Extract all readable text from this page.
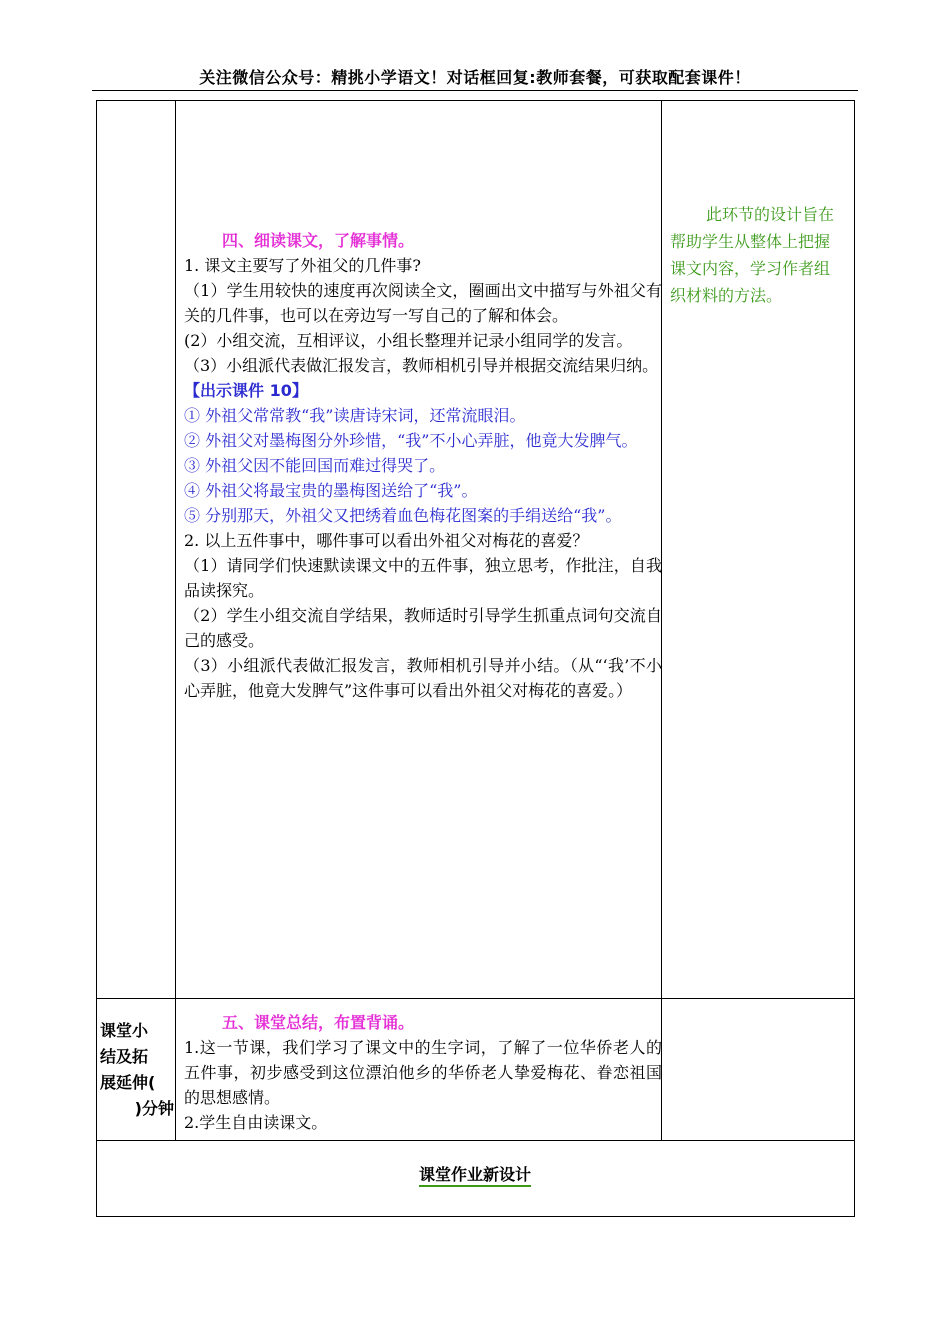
关注微信公众号：精挑小学语文！对话框回复:教师套餐，可获取配套课件！

四、细读课文，了解事情。

1. 课文主要写了外祖父的几件事?

（1）学生用较快的速度再次阅读全文，圈画出文中描写与外祖父有关的几件事，也可以在旁边写一写自己的了解和体会。

(2）小组交流，互相评议，小组长整理并记录小组同学的发言。

（3）小组派代表做汇报发言，教师相机引导并根据交流结果归纳。

【出示课件 10】

① 外祖父常常教“我”读唐诗宋词，还常流眼泪。

② 外祖父对墨梅图分外珍惜，“我”不小心弄脏，他竟大发脾气。

③ 外祖父因不能回国而难过得哭了。

④ 外祖父将最宝贵的墨梅图送给了“我”。

⑤ 分别那天，外祖父又把绣着血色梅花图案的手绢送给“我”。

2. 以上五件事中，哪件事可以看出外祖父对梅花的喜爱？

（1）请同学们快速默读课文中的五件事，独立思考，作批注，自我品读探究。

（2）学生小组交流自学结果，教师适时引导学生抓重点词句交流自己的感受。

（3）小组派代表做汇报发言，教师相机引导并小结。（从“‘我’不小心弄脏，他竟大发脾气”这件事可以看出外祖父对梅花的喜爱。）

此环节的设计旨在帮助学生从整体上把握课文内容，学习作者组织材料的方法。
课堂小
结及拓
展延伸(
)分钟

五、课堂总结，布置背诵。

1.这一节课，我们学习了课文中的生字词，了解了一位华侨老人的五件事，初步感受到这位漂泊他乡的华侨老人挚爱梅花、眷恋祖国的思想感情。

2.学生自由读课文。

课堂作业新设计
